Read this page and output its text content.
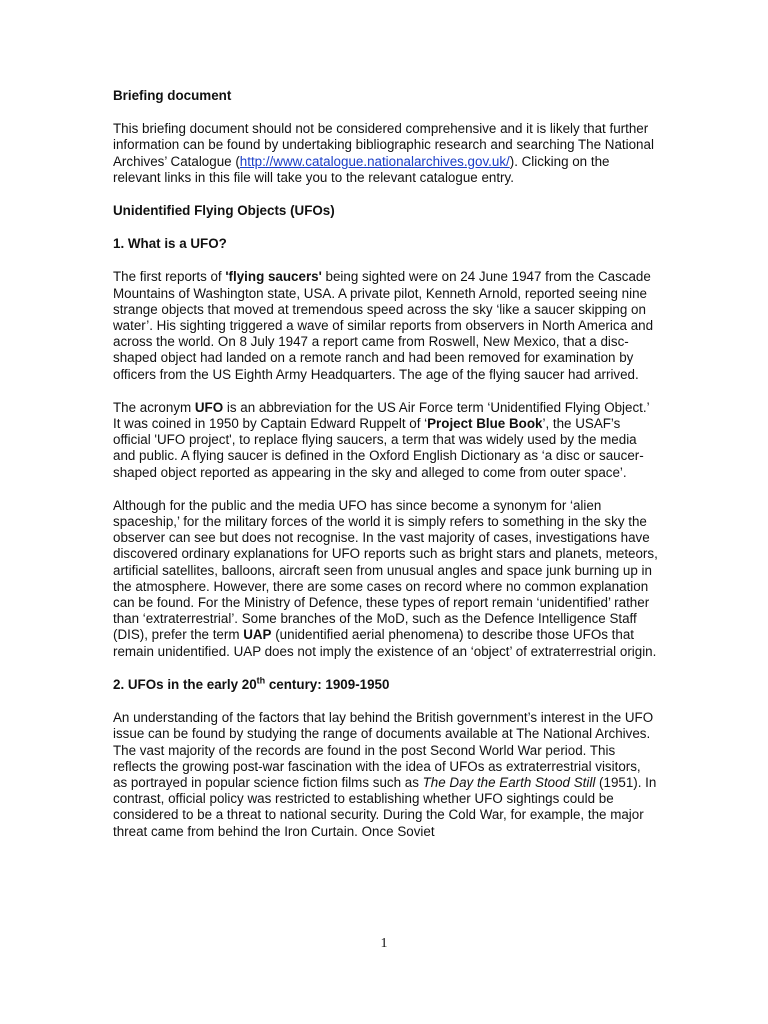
Briefing document

This briefing document should not be considered comprehensive and it is likely that further information can be found by undertaking bibliographic research and searching The National Archives’ Catalogue (http://www.catalogue.nationalarchives.gov.uk/). Clicking on the relevant links in this file will take you to the relevant catalogue entry.

Unidentified Flying Objects (UFOs)

1. What is a UFO?

The first reports of 'flying saucers' being sighted were on 24 June 1947 from the Cascade Mountains of Washington state, USA. A private pilot, Kenneth Arnold, reported seeing nine strange objects that moved at tremendous speed across the sky ‘like a saucer skipping on water’. His sighting triggered a wave of similar reports from observers in North America and across the world. On 8 July 1947 a report came from Roswell, New Mexico, that a disc-shaped object had landed on a remote ranch and had been removed for examination by officers from the US Eighth Army Headquarters. The age of the flying saucer had arrived.

The acronym UFO is an abbreviation for the US Air Force term ‘Unidentified Flying Object.’ It was coined in 1950 by Captain Edward Ruppelt of ‘Project Blue Book’, the USAF’s official 'UFO project', to replace flying saucers, a term that was widely used by the media and public. A flying saucer is defined in the Oxford English Dictionary as ‘a disc or saucer-shaped object reported as appearing in the sky and alleged to come from outer space’.

Although for the public and the media UFO has since become a synonym for ‘alien spaceship,’ for the military forces of the world it is simply refers to something in the sky the observer can see but does not recognise. In the vast majority of cases, investigations have discovered ordinary explanations for UFO reports such as bright stars and planets, meteors, artificial satellites, balloons, aircraft seen from unusual angles and space junk burning up in the atmosphere. However, there are some cases on record where no common explanation can be found. For the Ministry of Defence, these types of report remain ‘unidentified’ rather than ‘extraterrestrial’. Some branches of the MoD, such as the Defence Intelligence Staff (DIS), prefer the term UAP (unidentified aerial phenomena) to describe those UFOs that remain unidentified. UAP does not imply the existence of an ‘object’ of extraterrestrial origin.

2. UFOs in the early 20th century: 1909-1950

An understanding of the factors that lay behind the British government’s interest in the UFO issue can be found by studying the range of documents available at The National Archives. The vast majority of the records are found in the post Second World War period. This reflects the growing post-war fascination with the idea of UFOs as extraterrestrial visitors, as portrayed in popular science fiction films such as The Day the Earth Stood Still (1951). In contrast, official policy was restricted to establishing whether UFO sightings could be considered to be a threat to national security. During the Cold War, for example, the major threat came from behind the Iron Curtain. Once Soviet

1
